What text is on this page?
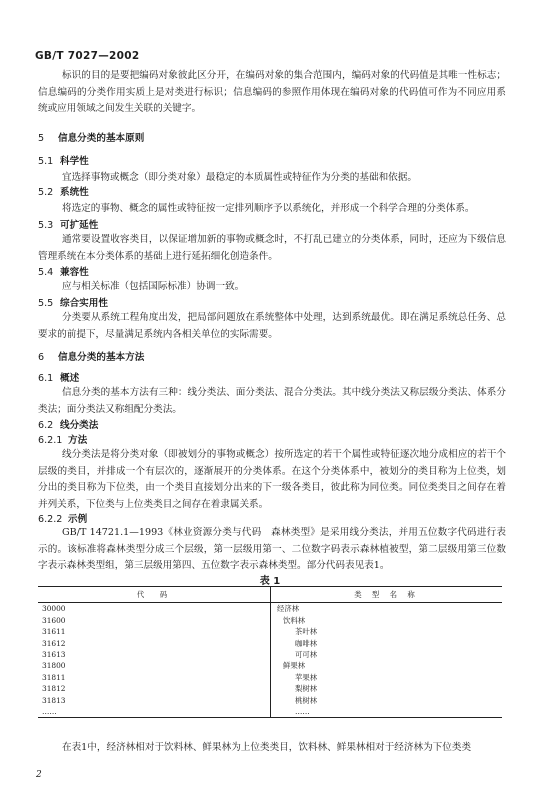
GB/T 7027—2002
标识的目的是要把编码对象彼此区分开，在编码对象的集合范围内，编码对象的代码值是其唯一性标志；信息编码的分类作用实质上是对类进行标识；信息编码的参照作用体现在编码对象的代码值可作为不同应用系统或应用领域之间发生关联的关键字。
5 信息分类的基本原则
5.1 科学性
宜选择事物或概念（即分类对象）最稳定的本质属性或特征作为分类的基础和依据。
5.2 系统性
将选定的事物、概念的属性或特征按一定排列顺序予以系统化，并形成一个科学合理的分类体系。
5.3 可扩延性
通常要设置收容类目，以保证增加新的事物或概念时，不打乱已建立的分类体系，同时，还应为下级信息管理系统在本分类体系的基础上进行延拓细化创造条件。
5.4 兼容性
应与相关标准（包括国际标准）协调一致。
5.5 综合实用性
分类要从系统工程角度出发，把局部问题放在系统整体中处理，达到系统最优。即在满足系统总任务、总要求的前提下，尽量满足系统内各相关单位的实际需要。
6 信息分类的基本方法
6.1 概述
信息分类的基本方法有三种：线分类法、面分类法、混合分类法。其中线分类法又称层级分类法、体系分类法；面分类法又称组配分类法。
6.2 线分类法
6.2.1 方法
线分类法是将分类对象（即被划分的事物或概念）按所选定的若干个属性或特征逐次地分成相应的若干个层级的类目，并排成一个有层次的，逐渐展开的分类体系。在这个分类体系中，被划分的类目称为上位类，划分出的类目称为下位类，由一个类目直接划分出来的下一级各类目，彼此称为同位类。同位类类目之间存在着并列关系，下位类与上位类类目之间存在着隶属关系。
6.2.2 示例
GB/T 14721.1—1993《林业资源分类与代码　森林类型》是采用线分类法，并用五位数字代码进行表示的。该标准将森林类型分成三个层级，第一层级用第一、二位数字码表示森林植被型，第二层级用第三位数字表示森林类型组，第三层级用第四、五位数字表示森林类型。部分代码表见表1。
表 1
代　码	类 型 名 称
30000	经济林
31600	饮料林
31611	茶叶林
31612	咖啡林
31613	可可林
31800	鲜果林
31811	苹果林
31812	梨树林
31813	桃树林
……	……
在表1中，经济林相对于饮料林、鲜果林为上位类类目，饮料林、鲜果林相对于经济林为下位类类
2
